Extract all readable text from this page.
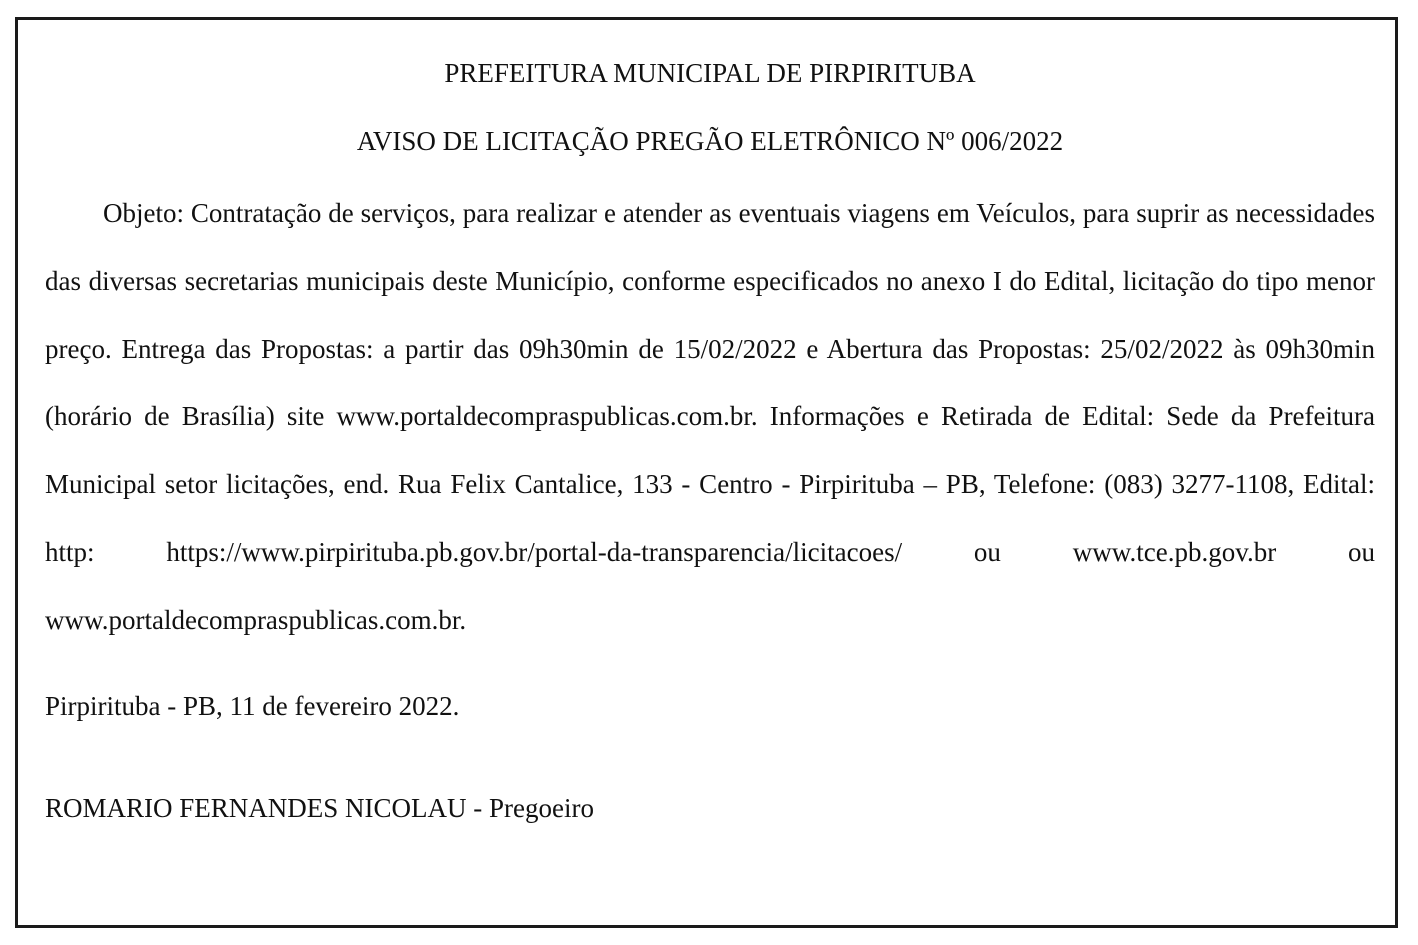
PREFEITURA MUNICIPAL DE PIRPIRITUBA

AVISO DE LICITAÇÃO PREGÃO ELETRÔNICO Nº 006/2022

Objeto: Contratação de serviços, para realizar e atender as eventuais viagens em Veículos, para suprir as necessidades das diversas secretarias municipais deste Município, conforme especificados no anexo I do Edital, licitação do tipo menor preço. Entrega das Propostas: a partir das 09h30min de 15/02/2022 e Abertura das Propostas: 25/02/2022 às 09h30min (horário de Brasília) site www.portaldecompraspublicas.com.br. Informações e Retirada de Edital: Sede da Prefeitura Municipal setor licitações, end. Rua Felix Cantalice, 133 - Centro - Pirpirituba – PB, Telefone: (083) 3277-1108, Edital: http: https://www.pirpirituba.pb.gov.br/portal-da-transparencia/licitacoes/ ou www.tce.pb.gov.br ou www.portaldecompraspublicas.com.br.

Pirpirituba - PB, 11 de fevereiro 2022.

ROMARIO FERNANDES NICOLAU - Pregoeiro
